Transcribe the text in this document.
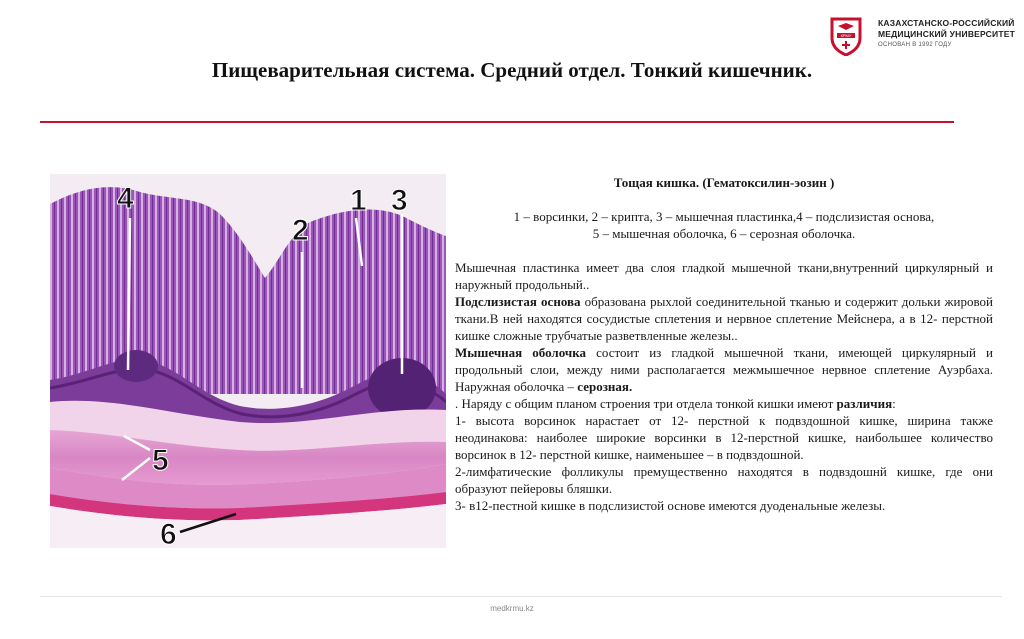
КРМУ
КАЗАХСТАНСКО-РОССИЙСКИЙ
МЕДИЦИНСКИЙ УНИВЕРСИТЕТ
ОСНОВАН В 1992 ГОДУ
Пищеварительная система. Средний отдел. Тонкий кишечник.
1
2
3
4
5
6

Тощая кишка. (Гематоксилин-эозин )

1 – ворсинки, 2 – крипта, 3 – мышечная пластинка,4 – подслизистая основа,
5 – мышечная оболочка, 6 – серозная оболочка.

Мышечная пластинка имеет два слоя гладкой мышечной ткани,внутренний циркулярный и наружный продольный..

Подслизистая основа образована рыхлой соединительной тканью и содержит дольки жировой ткани.В ней находятся сосудистые сплетения и нервное сплетение Мейснера, а в 12- перстной кишке сложные трубчатые разветвленные железы..

Мышечная оболочка состоит из гладкой мышечной ткани, имеющей циркулярный и продольный слои, между ними располагается межмышечное нервное сплетение Ауэрбаха. Наружная оболочка – серозная.

. Наряду с общим планом строения три отдела тонкой кишки имеют различия:

1- высота ворсинок нарастает от 12- перстной к подвздошной кишке, ширина также неодинакова: наиболее широкие ворсинки в 12-перстной кишке, наибольшее количество ворсинок в 12- перстной кишке, наименьшее – в подвздошной.

2-лимфатические фолликулы премущественно находятся в подвздошнй кишке, где они образуют пейеровы бляшки.

3- в12-пестной кишке в подслизистой основе имеются дуоденальные железы.

medkrmu.kz
